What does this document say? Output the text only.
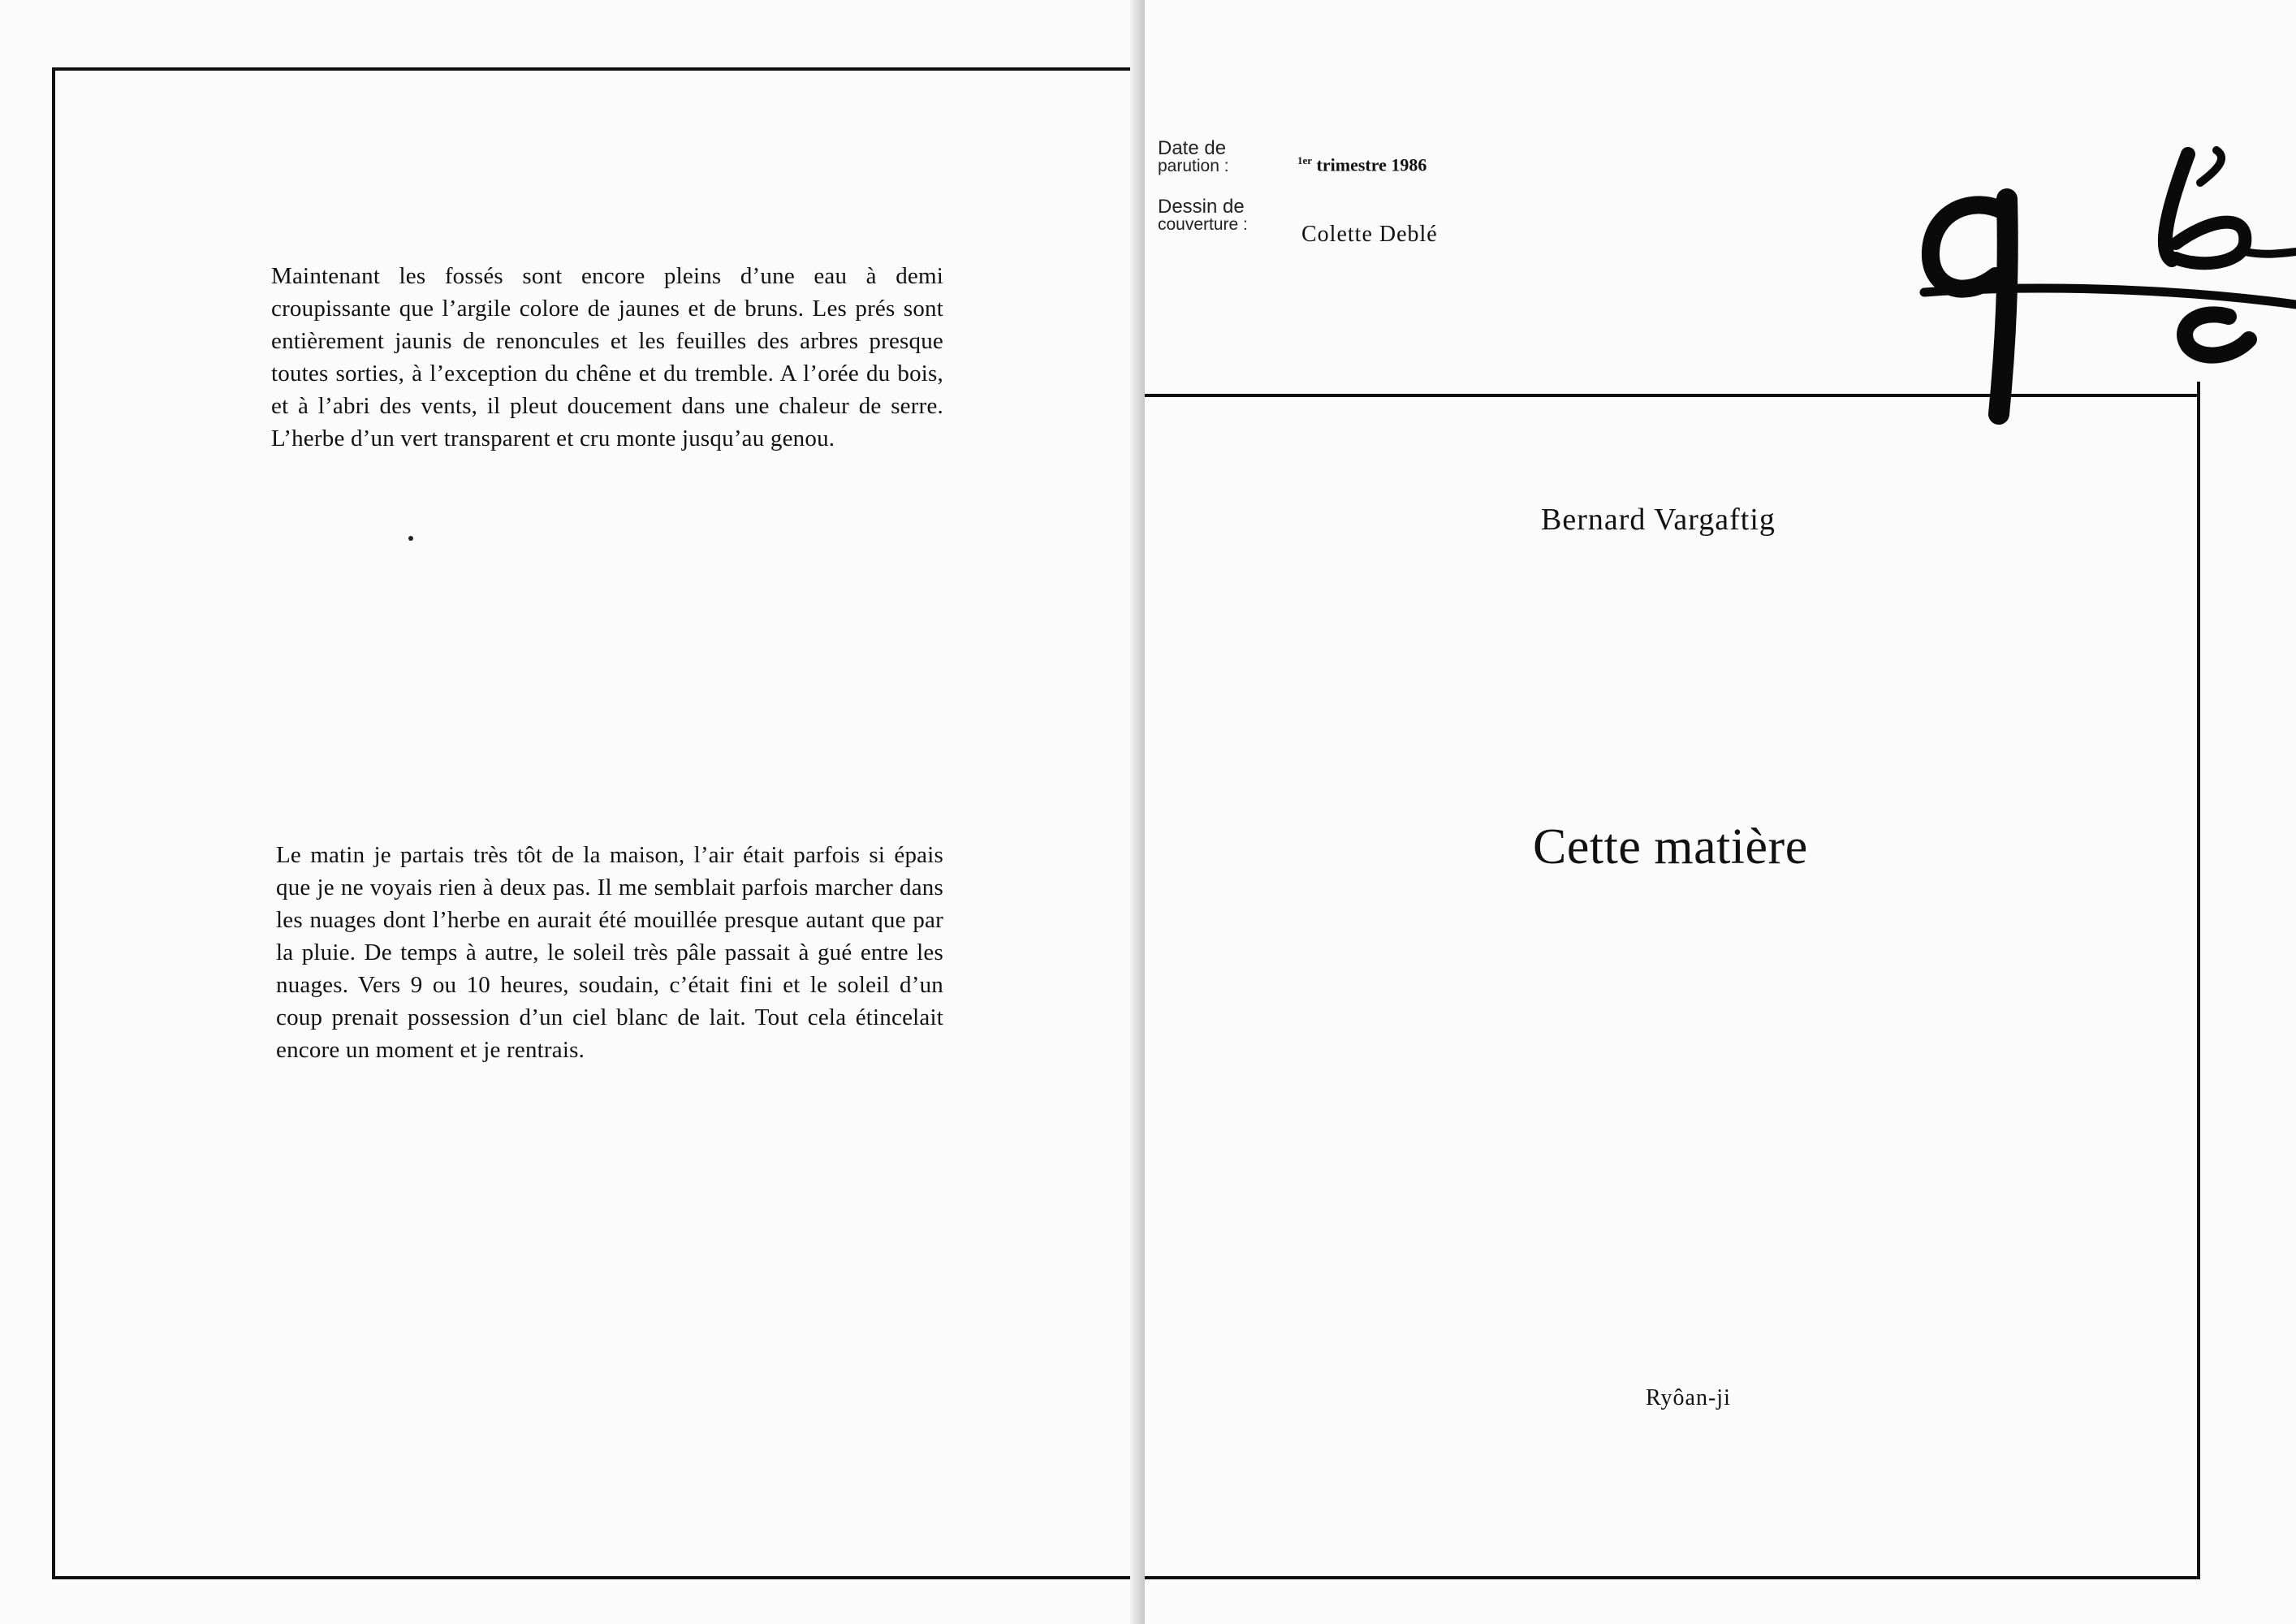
Maintenant les fossés sont encore pleins d’une eau à demi croupissante que l’argile colore de jaunes et de bruns. Les prés sont entièrement jaunis de renoncules et les feuilles des arbres presque toutes sorties, à l’exception du chêne et du tremble. A l’orée du bois, et à l’abri des vents, il pleut doucement dans une chaleur de serre. L’herbe d’un vert transparent et cru monte jusqu’au genou.

Le matin je partais très tôt de la maison, l’air était parfois si épais que je ne voyais rien à deux pas. Il me semblait parfois marcher dans les nuages dont l’herbe en aurait été mouillée presque autant que par la pluie. De temps à autre, le soleil très pâle passait à gué entre les nuages. Vers 9 ou 10 heures, soudain, c’était fini et le soleil d’un coup prenait possession d’un ciel blanc de lait. Tout cela étincelait encore un moment et je rentrais.

Date de
parution :	$^{1er}$ trimestre 1986
Dessin de
couverture : Colette Deblé
Bernard Vargaftig
Cette matière
Ryôan-ji
